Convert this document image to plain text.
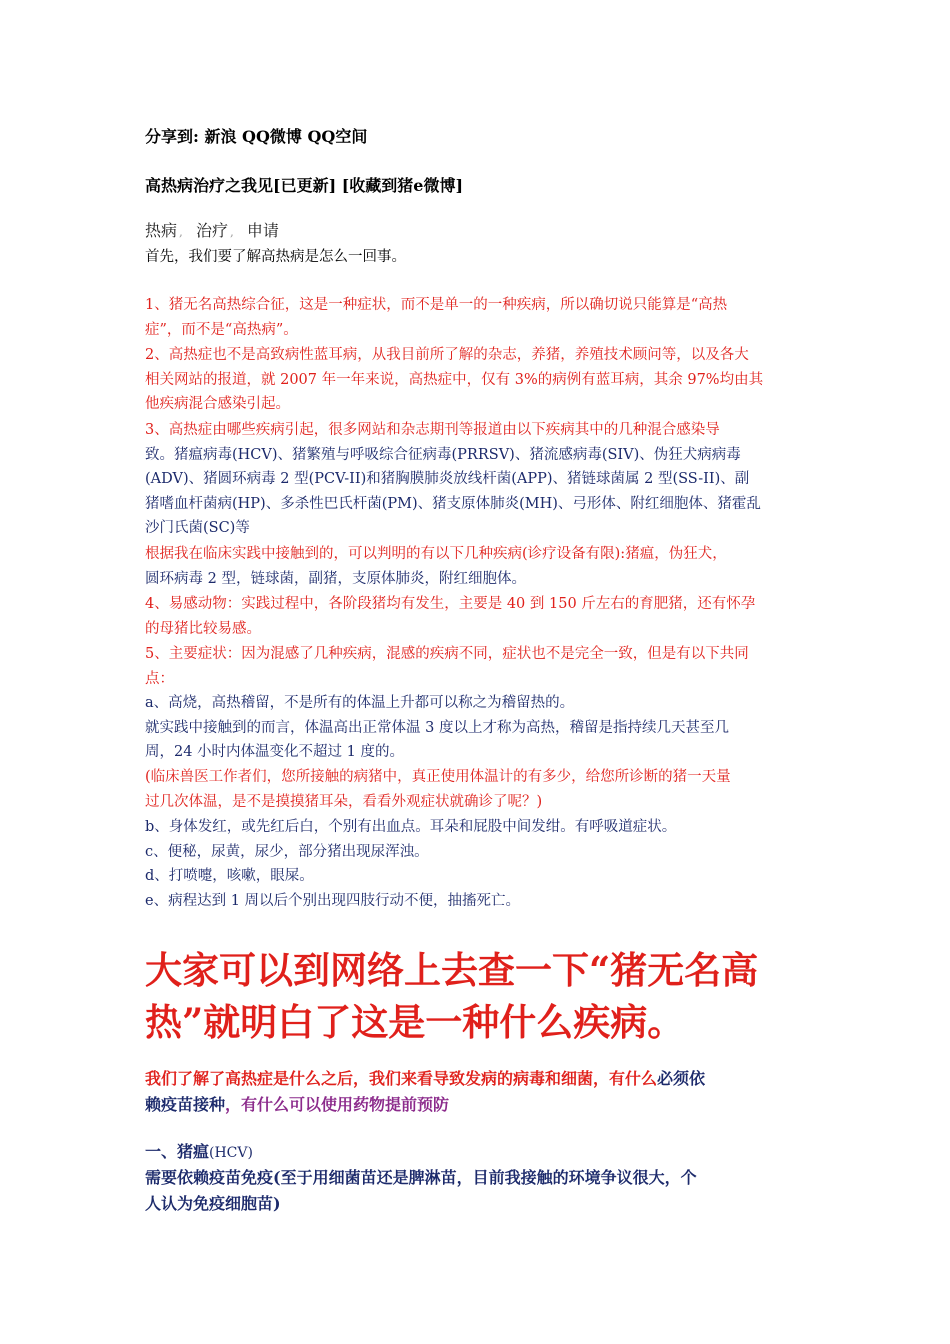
分享到: 新浪 QQ微博 QQ空间
高热病治疗之我见[已更新] [收藏到猪e微博]
热病 , 治疗 , 申请
首先，我们要了解高热病是怎么一回事。
1、猪无名高热综合征，这是一种症状，而不是单一的一种疾病，所以确切说只能算是“高热
症”，而不是“高热病”。
2、高热症也不是高致病性蓝耳病，从我目前所了解的杂志，养猪，养殖技术顾问等，以及各大
相关网站的报道，就 2007 年一年来说，高热症中，仅有 3%的病例有蓝耳病，其余 97%均由其
他疾病混合感染引起。
3、高热症由哪些疾病引起，很多网站和杂志期刊等报道由以下疾病其中的几种混合感染导
致。猪瘟病毒(HCV)、猪繁殖与呼吸综合征病毒(PRRSV)、猪流感病毒(SIV)、伪狂犬病病毒
(ADV)、猪圆环病毒 2 型(PCV-II)和猪胸膜肺炎放线杆菌(APP)、猪链球菌属 2 型(SS-II)、副
猪嗜血杆菌病(HP)、多杀性巴氏杆菌(PM)、猪支原体肺炎(MH)、弓形体、附红细胞体、猪霍乱
沙门氏菌(SC)等
根据我在临床实践中接触到的，可以判明的有以下几种疾病(诊疗设备有限):猪瘟，伪狂犬，
圆环病毒 2 型，链球菌，副猪，支原体肺炎，附红细胞体。
4、易感动物：实践过程中，各阶段猪均有发生，主要是 40 到 150 斤左右的育肥猪，还有怀孕
的母猪比较易感。
5、主要症状：因为混感了几种疾病，混感的疾病不同，症状也不是完全一致，但是有以下共同
点：
a、高烧，高热稽留，不是所有的体温上升都可以称之为稽留热的。
就实践中接触到的而言，体温高出正常体温 3 度以上才称为高热，稽留是指持续几天甚至几
周，24 小时内体温变化不超过 1 度的。
(临床兽医工作者们，您所接触的病猪中，真正使用体温计的有多少，给您所诊断的猪一天量
过几次体温，是不是摸摸猪耳朵，看看外观症状就确诊了呢？)
b、身体发红，或先红后白，个别有出血点。耳朵和屁股中间发绀。有呼吸道症状。
c、便秘，尿黄，尿少，部分猪出现尿浑浊。
d、打喷嚏，咳嗽，眼屎。
e、病程达到 1 周以后个别出现四肢行动不便，抽搐死亡。
大家可以到网络上去查一下“猪无名高
热”就明白了这是一种什么疾病。
我们了解了高热症是什么之后，我们来看导致发病的病毒和细菌，有什么必须依
赖疫苗接种，有什么可以使用药物提前预防
一、猪瘟(HCV)
需要依赖疫苗免疫(至于用细菌苗还是脾淋苗，目前我接触的环境争议很大，个
人认为免疫细胞苗)
